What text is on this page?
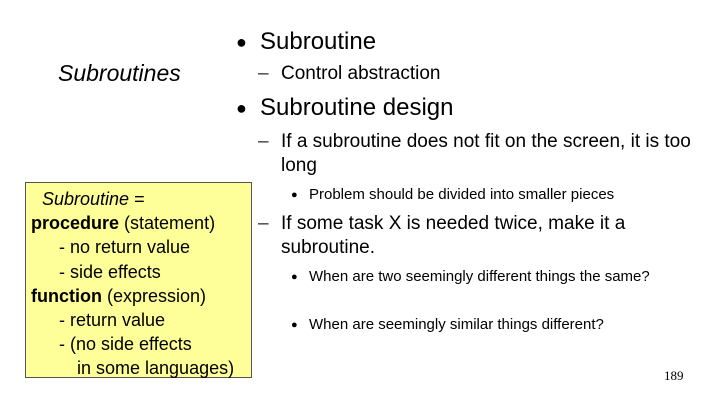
Subroutines
● Subroutine
– Control abstraction
● Subroutine design
– If a subroutine does not fit on the screen, it is too long
● Problem should be divided into smaller pieces
– If some task X is needed twice, make it a subroutine.
● When are two seemingly different things the same?
● When are seemingly similar things different?
Subroutine =
procedure (statement)
- no return value
- side effects
function (expression)
- return value
- (no side effects
in some languages)	189
